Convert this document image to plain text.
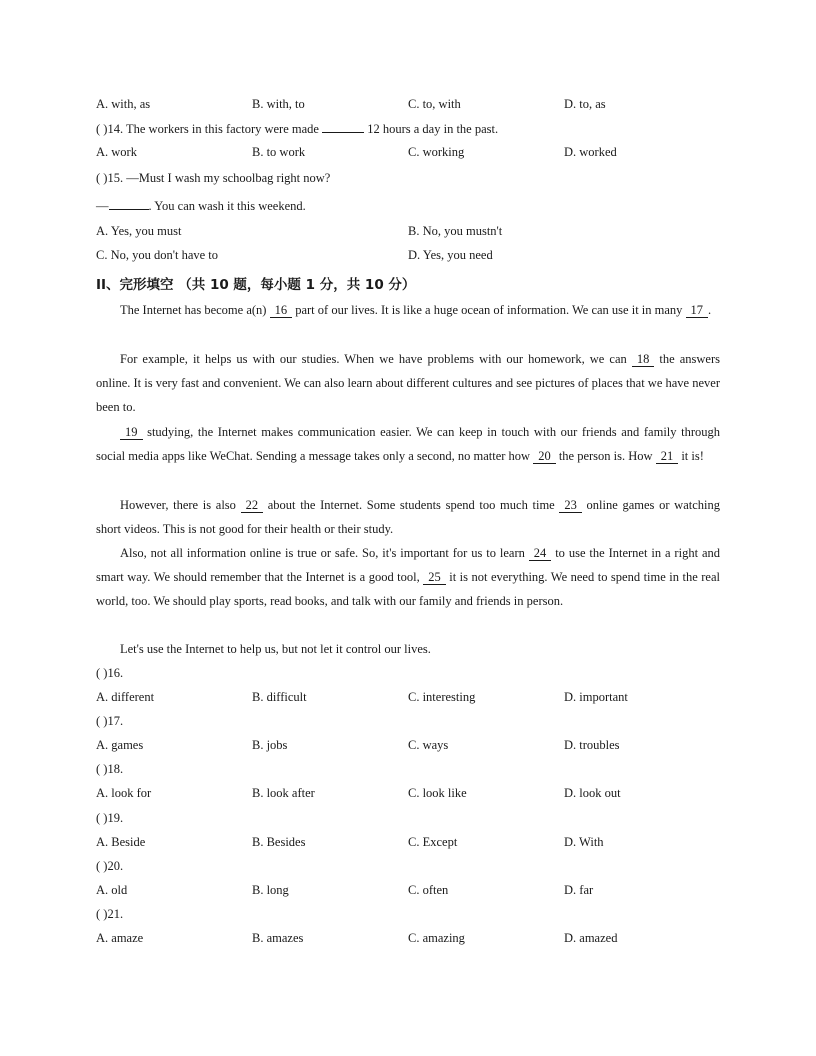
A. with, as	B. with, to	C. to, with	D. to, as
( )14. The workers in this factory were made	12 hours a day in the past.
A. work	B. to work	C. working	D. worked
( )15. —Must I wash my schoolbag right now?
—	. You can wash it this weekend.
A. Yes, you must	B. No, you mustn't
C. No, you don't have to	D. Yes, you need
II、完形填空 （共 10 题，每小题 1 分，共 10 分）
The Internet has become a(n) 16 part of our lives. It is like a huge ocean of information. We can use it in many 17 .
For example, it helps us with our studies. When we have problems with our homework, we can 18 the answers online. It is very fast and convenient. We can also learn about different cultures and see pictures of places that we have never been to.
19 studying, the Internet makes communication easier. We can keep in touch with our friends and family through social media apps like WeChat. Sending a message takes only a second, no matter how 20 the person is. How 21 it is!
However, there is also 22 about the Internet. Some students spend too much time 23 online games or watching short videos. This is not good for their health or their study.
Also, not all information online is true or safe. So, it's important for us to learn 24 to use the Internet in a right and smart way. We should remember that the Internet is a good tool, 25 it is not everything. We need to spend time in the real world, too. We should play sports, read books, and talk with our family and friends in person.
Let's use the Internet to help us, but not let it control our lives.
( )16.
A. different	B. difficult	C. interesting	D. important
( )17.
A. games	B. jobs	C. ways	D. troubles
( )18.
A. look for	B. look after	C. look like	D. look out
( )19.
A. Beside	B. Besides	C. Except	D. With
( )20.
A. old	B. long	C. often	D. far
( )21.
A. amaze	B. amazes	C. amazing	D. amazed
